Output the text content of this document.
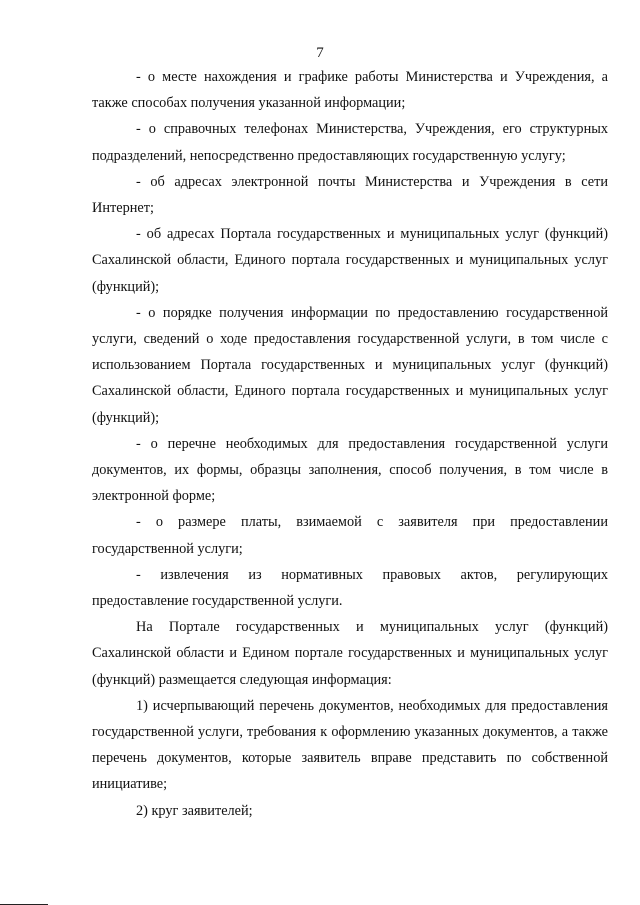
7

- о месте нахождения и графике работы Министерства и Учреждения, а также способах получения указанной информации;

- о справочных телефонах Министерства, Учреждения, его структурных подразделений, непосредственно предоставляющих государственную услугу;

- об адресах электронной почты Министерства и Учреждения в сети Интернет;

- об адресах Портала государственных и муниципальных услуг (функций) Сахалинской области, Единого портала государственных и муниципальных услуг (функций);

- о порядке получения информации по предоставлению государственной услуги, сведений о ходе предоставления государственной услуги, в том числе с использованием Портала государственных и муниципальных услуг (функций) Сахалинской области, Единого портала государственных и муниципальных услуг (функций);

- о перечне необходимых для предоставления государственной услуги документов, их формы, образцы заполнения, способ получения, в том числе в электронной форме;

- о размере платы, взимаемой с заявителя при предоставлении государственной услуги;

- извлечения из нормативных правовых актов, регулирующих предоставление государственной услуги.

На Портале государственных и муниципальных услуг (функций) Сахалинской области и Едином портале государственных и муниципальных услуг (функций) размещается следующая информация:

1) исчерпывающий перечень документов, необходимых для предоставления государственной услуги, требования к оформлению указанных документов, а также перечень документов, которые заявитель вправе представить по собственной инициативе;

2) круг заявителей;
